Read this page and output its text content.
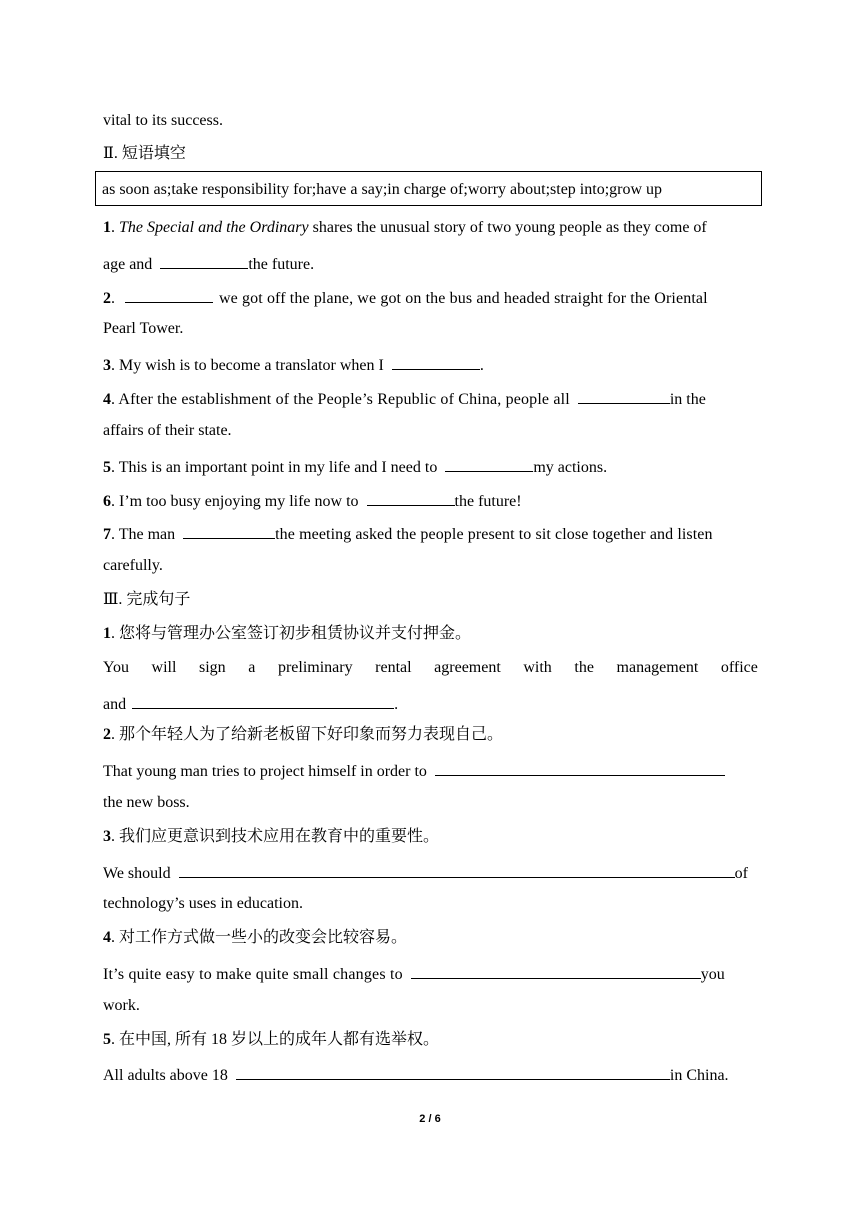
vital to its success.
Ⅱ. 短语填空
as soon as;take responsibility for;have a say;in charge of;worry about;step into;grow up
1. The Special and the Ordinary shares the unusual story of two young people as they come of
age and	the future.
2.	we got off the plane, we got on the bus and headed straight for the Oriental
Pearl Tower.
3. My wish is to become a translator when I	.
4. After the establishment of the People’s Republic of China, people all	in the
affairs of their state.
5. This is an important point in my life and I need to	my actions.
6. I’m too busy enjoying my life now to	the future!
7. The man	the meeting asked the people present to sit close together and listen
carefully.
Ⅲ. 完成句子
1. 您将与管理办公室签订初步租赁协议并支付押金。
You will sign a preliminary rental agreement with the management office
and	.
2. 那个年轻人为了给新老板留下好印象而努力表现自己。
That young man tries to project himself in order to
the new boss.
3. 我们应更意识到技术应用在教育中的重要性。
We should	of
technology’s uses in education.
4. 对工作方式做一些小的改变会比较容易。
It’s quite easy to make quite small changes to	you
work.
5. 在中国, 所有 18 岁以上的成年人都有选举权。
All adults above 18	in China.
2 / 6
